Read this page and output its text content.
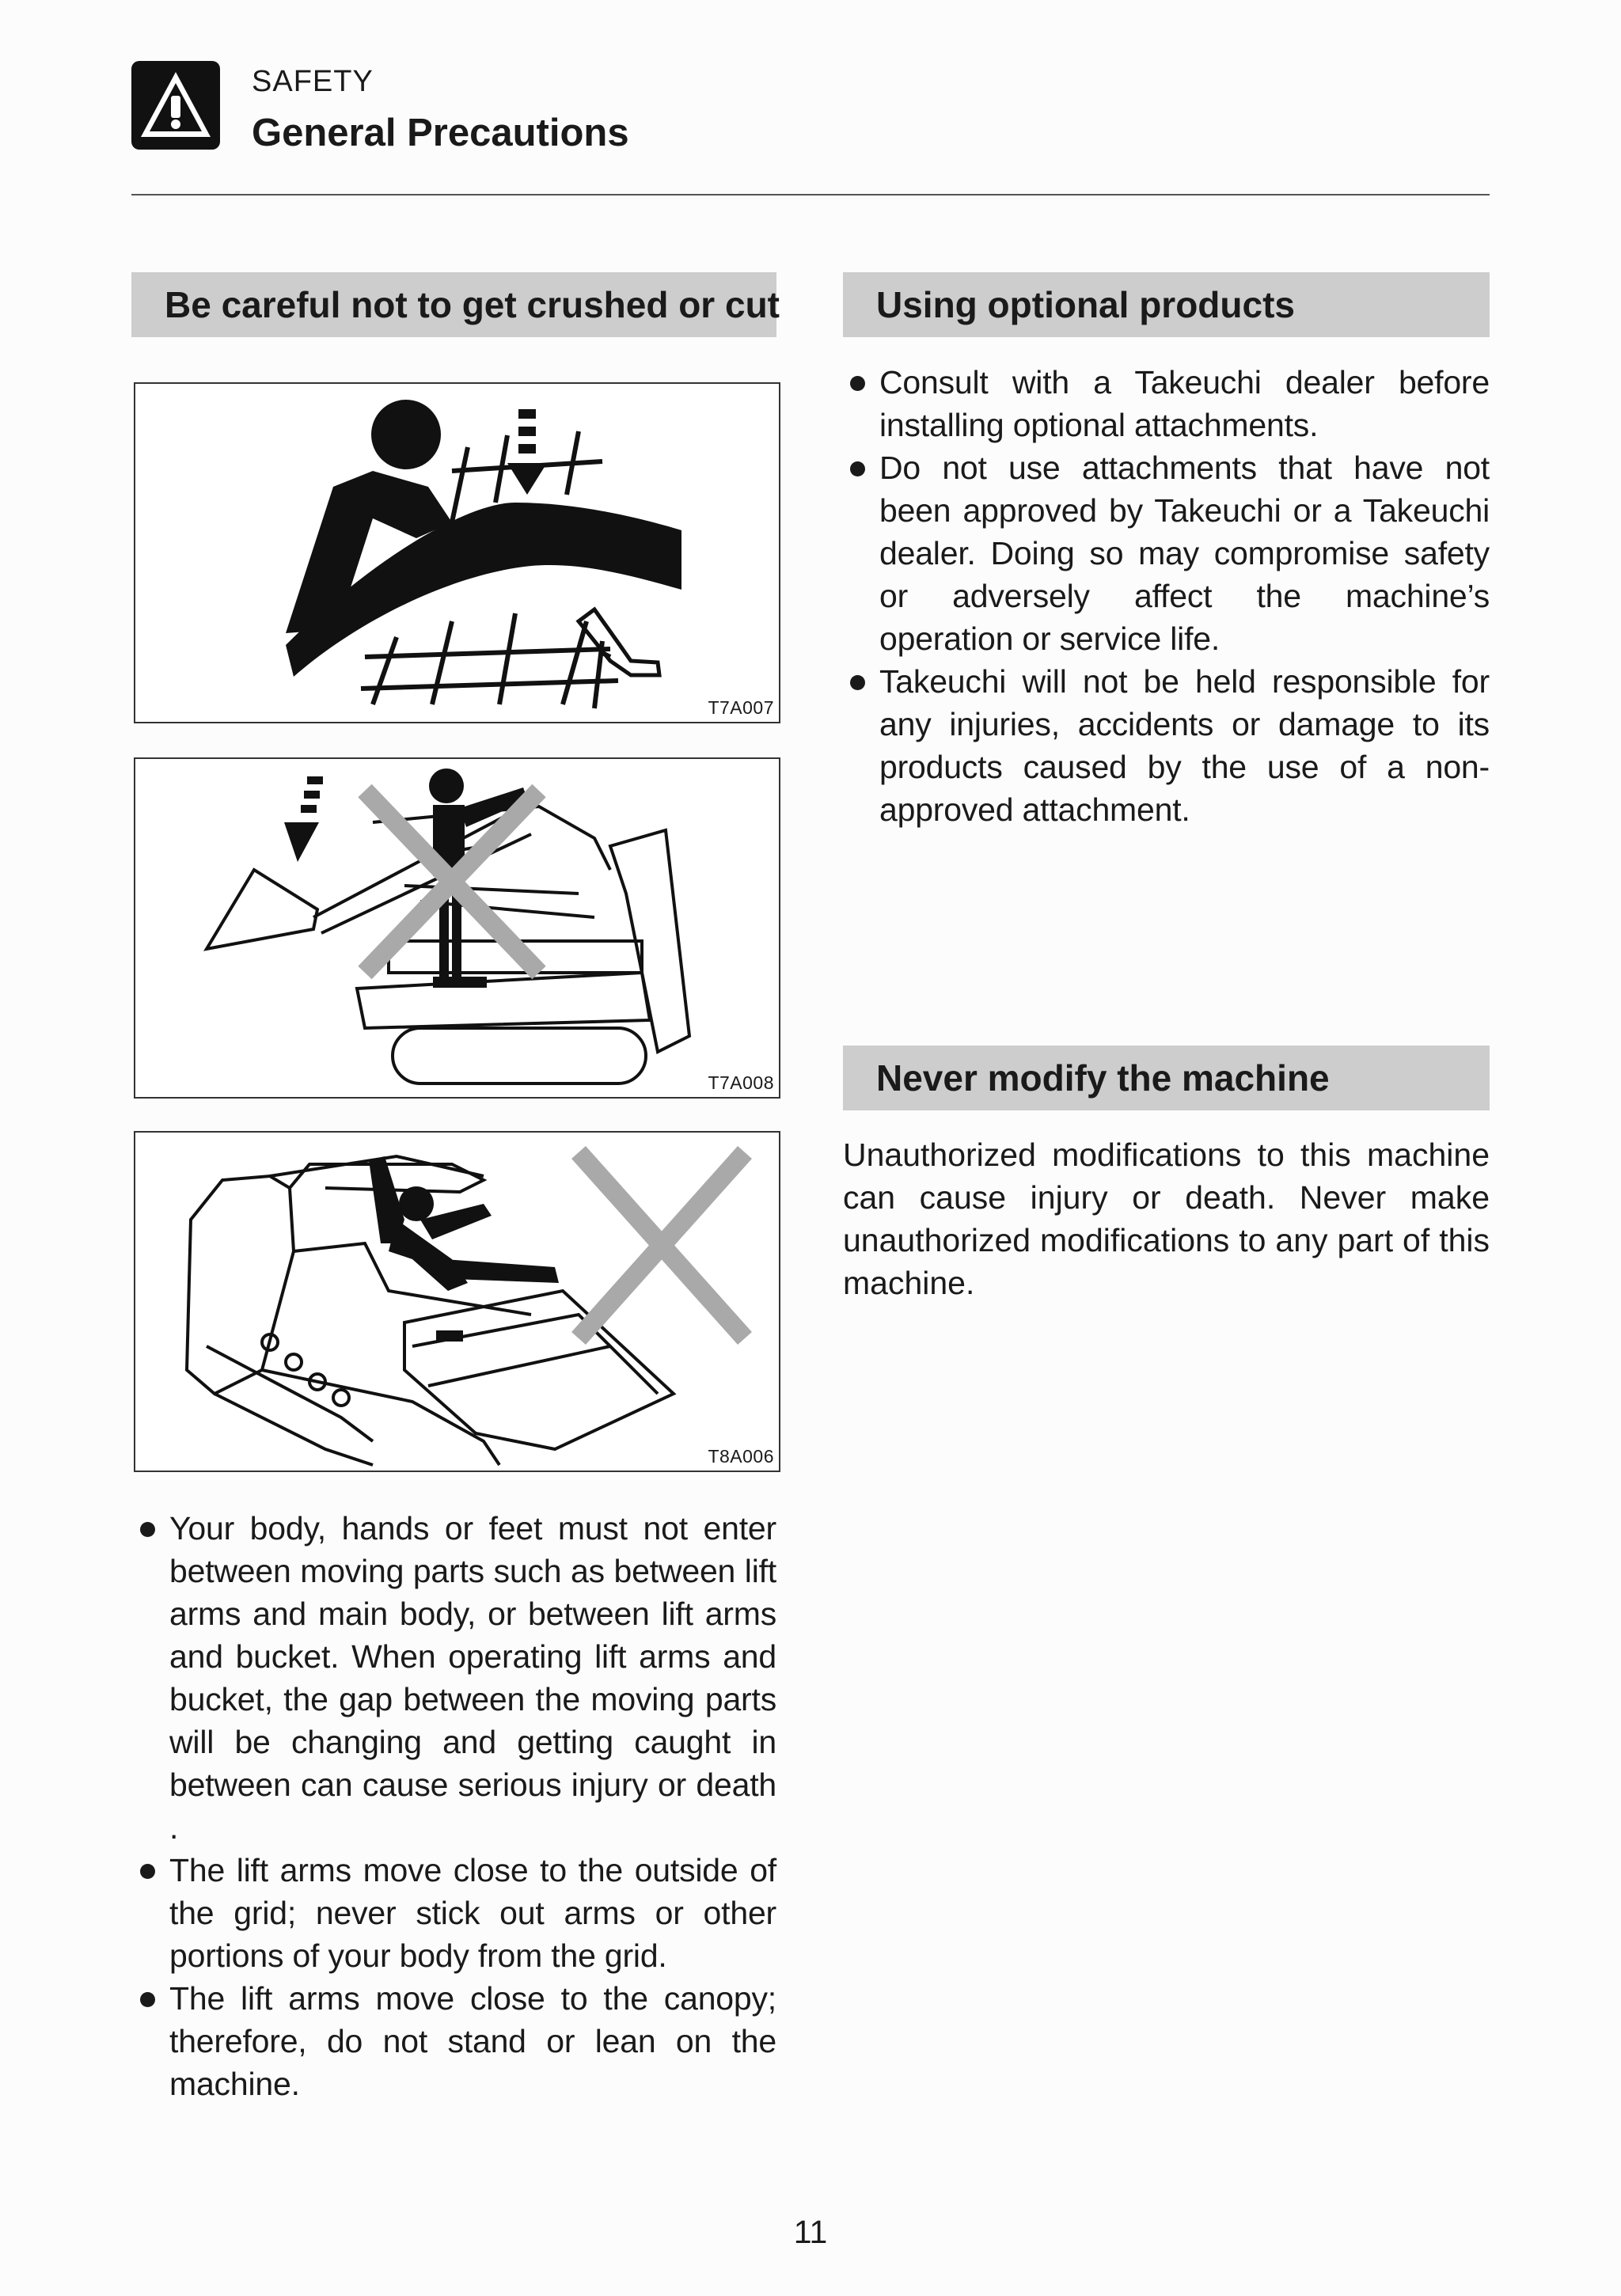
SAFETY
General Precautions
Be careful not to get crushed or cut
T7A007
T7A008
T8A006
Your body, hands or feet must not enter between moving parts such as between lift arms and main body, or between lift arms and bucket. When operating lift arms and bucket, the gap between the moving parts will be changing and getting caught in between can cause serious injury or death .
The lift arms move close to the outside of the grid; never stick out arms or other portions of your body from the grid.
The lift arms move close to the canopy; therefore, do not stand or lean on the machine.
Using optional products
Consult with a Takeuchi dealer before installing optional attachments.
Do not use attachments that have not been approved by Takeuchi or a Takeuchi dealer. Doing so may compromise safety or adversely affect the machine’s operation or service life.
Takeuchi will not be held responsible for any injuries, accidents or damage to its products caused by the use of a non-approved attachment.
Never modify the machine

Unauthorized modifications to this machine can cause injury or death. Never make unauthorized modifications to any part of this machine.

11
